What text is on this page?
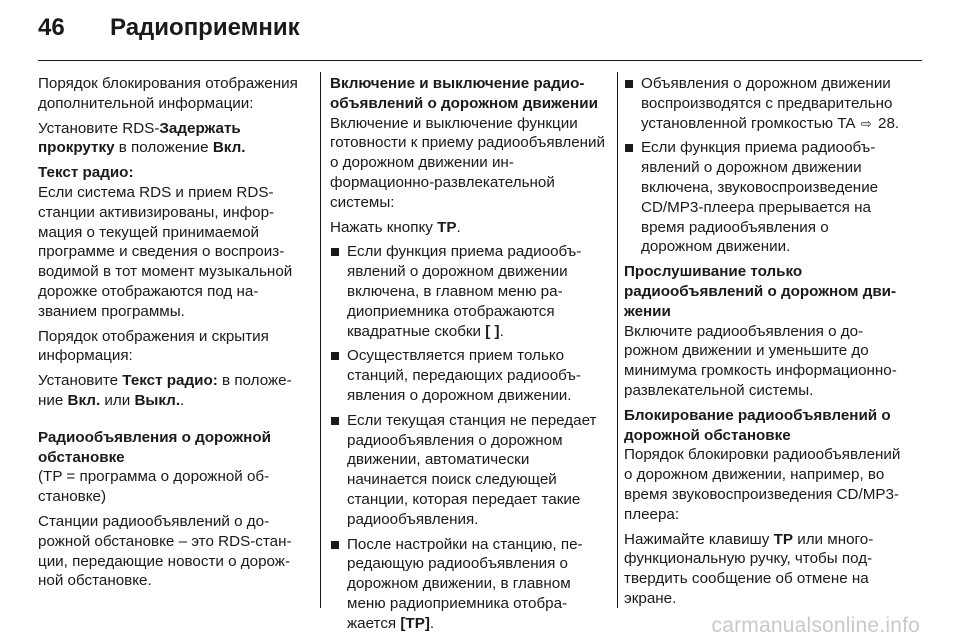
46	Радиоприемник

Порядок блокирования отображения дополнительной информации:

Установите RDS-Задержать прокрутку в положение Вкл.

Текст радио:

Если система RDS и прием RDS-станции активизированы, информация о текущей принимаемой программе и сведения о воспроизводимой в тот момент музыкальной дорожке отображаются под названием программы.

Порядок отображения и скрытия информация:

Установите Текст радио: в положение Вкл. или Выкл..

Радиообъявления о дорожной обстановке

(TP = программа о дорожной обстановке)

Станции радиообъявлений о дорожной обстановке – это RDS-станции, передающие новости о дорожной обстановке.

Включение и выключение радиообъявлений о дорожном движении

Включение и выключение функции готовности к приему радиообъявлений о дорожном движении информационно-развлекательной системы:

Нажать кнопку TP.

Если функция приема радиообъявлений о дорожном движении включена, в главном меню радиоприемника отображаются квадратные скобки [ ].
Осуществляется прием только станций, передающих радиообъявления о дорожном движении.
Если текущая станция не передает радиообъявления о дорожном движении, автоматически начинается поиск следующей станции, которая передает такие радиообъявления.
После настройки на станцию, передающую радиообъявления о дорожном движении, в главном меню радиоприемника отображается [TP].
Объявления о дорожном движении воспроизводятся с предварительно установленной громкостью TA ⇨ 28.
Если функция приема радиообъявлений о дорожном движении включена, звуковоспроизведение CD/MP3-плеера прерывается на время радиообъявления о дорожном движении.
Прослушивание только радиообъявлений о дорожном движении

Включите радиообъявления о дорожном движении и уменьшите до минимума громкость информационно-развлекательной системы.

Блокирование радиообъявлений о дорожной обстановке

Порядок блокировки радиообъявлений о дорожном движении, например, во время звуковоспроизведения CD/MP3-плеера:

Нажимайте клавишу TP или многофункциональную ручку, чтобы подтвердить сообщение об отмене на экране.

carmanualsonline.info
